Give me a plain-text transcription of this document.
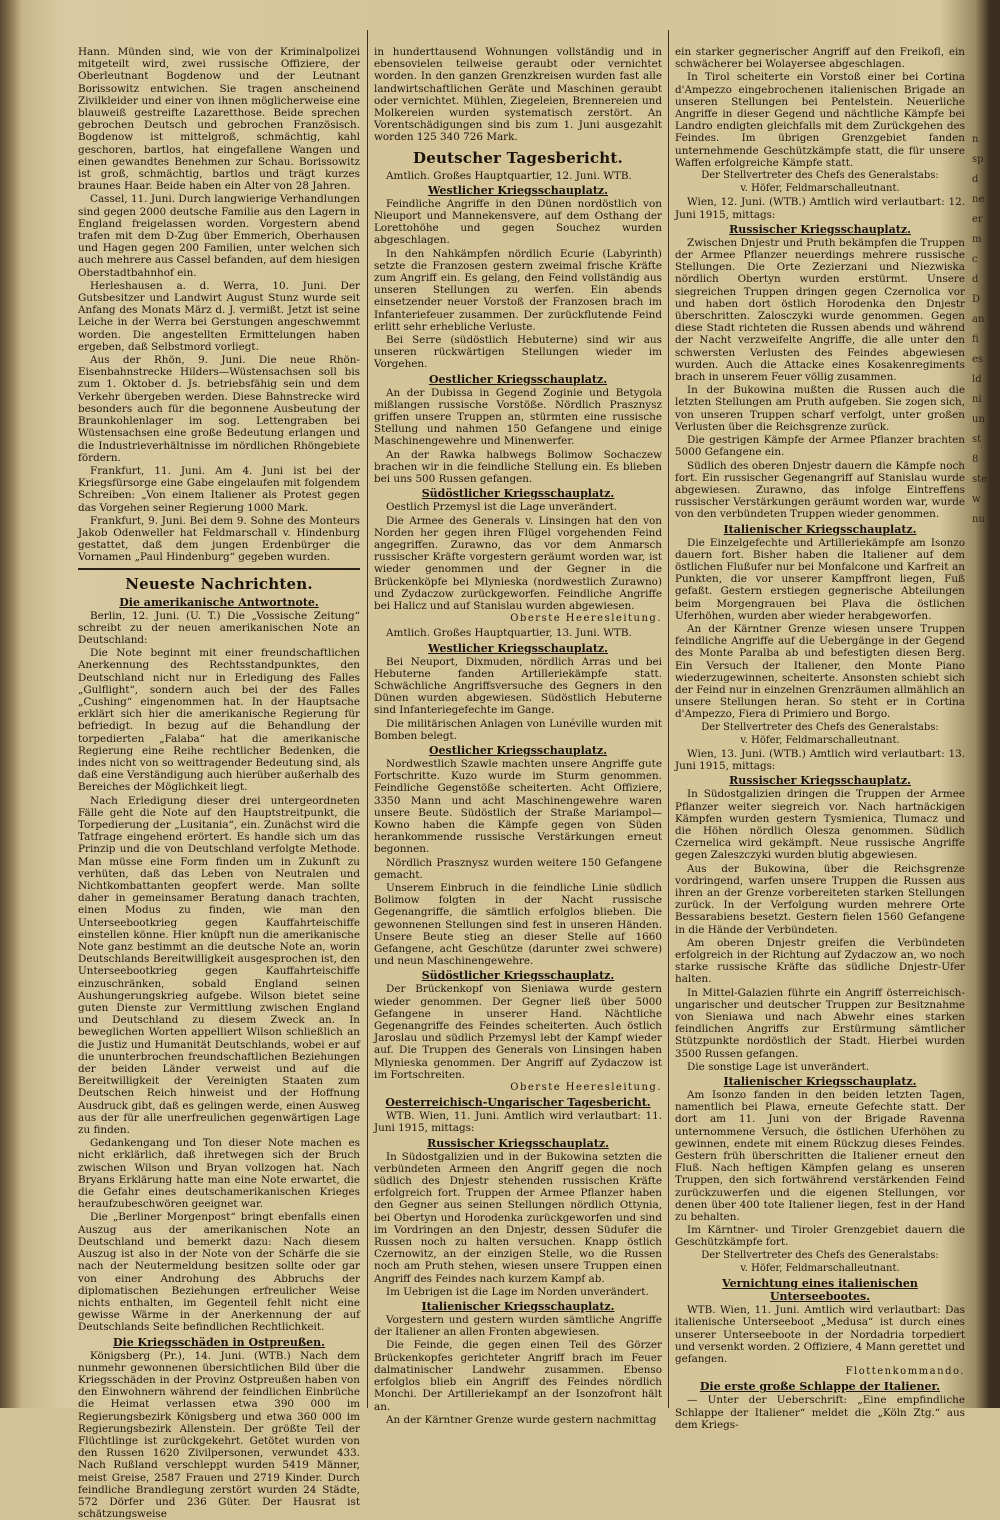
Hann. Münden sind, wie von der Kriminalpolizei mitgeteilt wird, zwei russische Offiziere, der Oberleutnant Bogdenow und der Leutnant Borissowitz entwichen. Sie tragen anscheinend Zivilkleider und einer von ihnen möglicherweise eine blauweiß gestreifte Lazaretthose. Beide sprechen gebrochen Deutsch und gebrochen Französisch. Bogdenow ist mittelgroß, schmächtig, kahl geschoren, bartlos, hat eingefallene Wangen und einen gewandtes Benehmen zur Schau. Borissowitz ist groß, schmächtig, bartlos und trägt kurzes braunes Haar. Beide haben ein Alter von 28 Jahren.

Cassel, 11. Juni. Durch langwierige Verhandlungen sind gegen 2000 deutsche Familie aus den Lagern in England freigelassen worden. Vorgestern abend trafen mit dem D-Zug über Emmerich, Oberhausen und Hagen gegen 200 Familien, unter welchen sich auch mehrere aus Cassel befanden, auf dem hiesigen Oberstadtbahnhof ein.

Herleshausen a. d. Werra, 10. Juni. Der Gutsbesitzer und Landwirt August Stunz wurde seit Anfang des Monats März d. J. vermißt. Jetzt ist seine Leiche in der Werra bei Gerstungen angeschwemmt worden. Die angestellten Ermittelungen haben ergeben, daß Selbstmord vorliegt.

Aus der Rhön, 9. Juni. Die neue Rhön-Eisenbahnstrecke Hilders—Wüstensachsen soll bis zum 1. Oktober d. Js. betriebsfähig sein und dem Verkehr übergeben werden. Diese Bahnstrecke wird besonders auch für die begonnene Ausbeutung der Braunkohlenlager im sog. Lettengraben bei Wüstensachsen eine große Bedeutung erlangen und die Industrieverhältnisse im nördlichen Rhöngebiete fördern.

Frankfurt, 11. Juni. Am 4. Juni ist bei der Kriegsfürsorge eine Gabe eingelaufen mit folgendem Schreiben: „Von einem Italiener als Protest gegen das Vorgehen seiner Regierung 1000 Mark.

Frankfurt, 9. Juni. Bei dem 9. Sohne des Monteurs Jakob Odenweller hat Feldmarschall v. Hindenburg gestattet, daß dem jungen Erdenbürger die Vornamen „Paul Hindenburg“ gegeben wurden.

Neueste Nachrichten.
Die amerikanische Antwortnote.

Berlin, 12. Juni. (U. T.) Die „Vossische Zeitung“ schreibt zu der neuen amerikanischen Note an Deutschland:

Die Note beginnt mit einer freundschaftlichen Anerkennung des Rechtsstandpunktes, den Deutschland nicht nur in Erledigung des Falles „Gulflight“, sondern auch bei der des Falles „Cushing“ eingenommen hat. In der Hauptsache erklärt sich hier die amerikanische Regierung für befriedigt. In bezug auf die Behandlung der torpedierten „Falaba“ hat die amerikanische Regierung eine Reihe rechtlicher Bedenken, die indes nicht von so weittragender Bedeutung sind, als daß eine Verständigung auch hierüber außerhalb des Bereiches der Möglichkeit liegt.

Nach Erledigung dieser drei untergeordneten Fälle geht die Note auf den Hauptstreitpunkt, die Torpedierung der „Lusitania“, ein. Zunächst wird die Tatfrage eingehend erörtert. Es handle sich um das Prinzip und die von Deutschland verfolgte Methode. Man müsse eine Form finden um in Zukunft zu verhüten, daß das Leben von Neutralen und Nichtkombattanten geopfert werde. Man sollte daher in gemeinsamer Beratung danach trachten, einen Modus zu finden, wie man den Unterseebootkrieg gegen Kauffahrteischiffe einstellen könne. Hier knüpft nun die amerikanische Note ganz bestimmt an die deutsche Note an, worin Deutschlands Bereitwilligkeit ausgesprochen ist, den Unterseebootkrieg gegen Kauffahrteischiffe einzuschränken, sobald England seinen Aushungerungskrieg aufgebe. Wilson bietet seine guten Dienste zur Vermittlung zwischen England und Deutschland zu diesem Zweck an. In beweglichen Worten appelliert Wilson schließlich an die Justiz und Humanität Deutschlands, wobei er auf die ununterbrochen freundschaftlichen Beziehungen der beiden Länder verweist und auf die Bereitwilligkeit der Vereinigten Staaten zum Deutschen Reich hinweist und der Hoffnung Ausdruck gibt, daß es gelingen werde, einen Ausweg aus der für alle unerfreulichen gegenwärtigen Lage zu finden.

Gedankengang und Ton dieser Note machen es nicht erklärlich, daß ihretwegen sich der Bruch zwischen Wilson und Bryan vollzogen hat. Nach Bryans Erklärung hatte man eine Note erwartet, die die Gefahr eines deutschamerikanischen Krieges heraufzubeschwören geeignet war.

Die „Berliner Morgenpost“ bringt ebenfalls einen Auszug aus der amerikanischen Note an Deutschland und bemerkt dazu: Nach diesem Auszug ist also in der Note von der Schärfe die sie nach der Neutermeldung besitzen sollte oder gar von einer Androhung des Abbruchs der diplomatischen Beziehungen erfreulicher Weise nichts enthalten, im Gegenteil fehlt nicht eine gewisse Wärme in der Anerkennung der auf Deutschlands Seite befindlichen Rechtlichkeit.

Die Kriegsschäden in Ostpreußen.

Königsberg (Pr.), 14. Juni. (WTB.) Nach dem nunmehr gewonnenen übersichtlichen Bild über die Kriegsschäden in der Provinz Ostpreußen haben von den Einwohnern während der feindlichen Einbrüche die Heimat verlassen etwa 390 000 im Regierungsbezirk Königsberg und etwa 360 000 im Regierungsbezirk Allenstein. Der größte Teil der Flüchtlinge ist zurückgekehrt. Getötet wurden von den Russen 1620 Zivilpersonen, verwundet 433. Nach Rußland verschleppt wurden 5419 Männer, meist Greise, 2587 Frauen und 2719 Kinder. Durch feindliche Brandlegung zerstört wurden 24 Städte, 572 Dörfer und 236 Güter. Der Hausrat ist schätzungsweise

in hunderttausend Wohnungen vollständig und in ebensovielen teilweise geraubt oder vernichtet worden. In den ganzen Grenzkreisen wurden fast alle landwirtschaftlichen Geräte und Maschinen geraubt oder vernichtet. Mühlen, Ziegeleien, Brennereien und Molkereien wurden systematisch zerstört. An Vorentschädigungen sind bis zum 1. Juni ausgezahlt worden 125 340 726 Mark.

Deutscher Tagesbericht.

Amtlich. Großes Hauptquartier, 12. Juni. WTB.

Westlicher Kriegsschauplatz.

Feindliche Angriffe in den Dünen nordöstlich von Nieuport und Mannekensvere, auf dem Osthang der Lorettohöhe und gegen Souchez wurden abgeschlagen.

In den Nahkämpfen nördlich Ecurie (Labyrinth) setzte die Franzosen gestern zweimal frische Kräfte zum Angriff ein. Es gelang, den Feind vollständig aus unseren Stellungen zu werfen. Ein abends einsetzender neuer Vorstoß der Franzosen brach im Infanteriefeuer zusammen. Der zurückflutende Feind erlitt sehr erhebliche Verluste.

Bei Serre (südöstlich Hebuterne) sind wir aus unseren rückwärtigen Stellungen wieder im Vorgehen.

Oestlicher Kriegsschauplatz.

An der Dubissa in Gegend Zoginie und Betygola mißlangen russische Vorstöße. Nördlich Prasznysz griffen unsere Truppen an, stürmten eine russische Stellung und nahmen 150 Gefangene und einige Maschinengewehre und Minenwerfer.

An der Rawka halbwegs Bolimow Sochaczew brachen wir in die feindliche Stellung ein. Es blieben bei uns 500 Russen gefangen.

Südöstlicher Kriegsschauplatz.

Oestlich Przemysl ist die Lage unverändert.

Die Armee des Generals v. Linsingen hat den von Norden her gegen ihren Flügel vorgehenden Feind angegriffen. Zurawno, das vor dem Anmarsch russischer Kräfte vorgestern geräumt worden war, ist wieder genommen und der Gegner in die Brückenköpfe bei Mlynieska (nordwestlich Zurawno) und Zydaczow zurückgeworfen. Feindliche Angriffe bei Halicz und auf Stanislau wurden abgewiesen.

Oberste Heeresleitung.

Amtlich. Großes Hauptquartier, 13. Juni. WTB.

Westlicher Kriegsschauplatz.

Bei Neuport, Dixmuden, nördlich Arras und bei Hebuterne fanden Artilleriekämpfe statt. Schwächliche Angriffsversuche des Gegners in den Dünen wurden abgewiesen. Südöstlich Hebuterne sind Infanteriegefechte im Gange.

Die militärischen Anlagen von Lunéville wurden mit Bomben belegt.

Oestlicher Kriegsschauplatz.

Nordwestlich Szawle machten unsere Angriffe gute Fortschritte. Kuzo wurde im Sturm genommen. Feindliche Gegenstöße scheiterten. Acht Offiziere, 3350 Mann und acht Maschinengewehre waren unsere Beute. Südöstlich der Straße Mariampol—Kowno haben die Kämpfe gegen von Süden herankommende russische Verstärkungen erneut begonnen.

Nördlich Prasznysz wurden weitere 150 Gefangene gemacht.

Unserem Einbruch in die feindliche Linie südlich Bolimow folgten in der Nacht russische Gegenangriffe, die sämtlich erfolglos blieben. Die gewonnenen Stellungen sind fest in unseren Händen. Unsere Beute stieg an dieser Stelle auf 1660 Gefangene, acht Geschütze (darunter zwei schwere) und neun Maschinengewehre.

Südöstlicher Kriegsschauplatz.

Der Brückenkopf von Sieniawa wurde gestern wieder genommen. Der Gegner ließ über 5000 Gefangene in unserer Hand. Nächtliche Gegenangriffe des Feindes scheiterten. Auch östlich Jaroslau und südlich Przemysl lebt der Kampf wieder auf. Die Truppen des Generals von Linsingen haben Mlynieska genommen. Der Angriff auf Zydaczow ist im Fortschreiten.

Oberste Heeresleitung.
Oesterreichisch-Ungarischer Tagesbericht.

WTB. Wien, 11. Juni. Amtlich wird verlautbart: 11. Juni 1915, mittags:

Russischer Kriegsschauplatz.

In Südostgalizien und in der Bukowina setzten die verbündeten Armeen den Angriff gegen die noch südlich des Dnjestr stehenden russischen Kräfte erfolgreich fort. Truppen der Armee Pflanzer haben den Gegner aus seinen Stellungen nördlich Ottynia, bei Obertyn und Horodenka zurückgeworfen und sind im Vordringen an den Dnjestr, dessen Südufer die Russen noch zu halten versuchen. Knapp östlich Czernowitz, an der einzigen Stelle, wo die Russen noch am Pruth stehen, wiesen unsere Truppen einen Angriff des Feindes nach kurzem Kampf ab.

Im Uebrigen ist die Lage im Norden unverändert.

Italienischer Kriegsschauplatz.

Vorgestern und gestern wurden sämtliche Angriffe der Italiener an allen Fronten abgewiesen.

Die Feinde, die gegen einen Teil des Görzer Brückenkopfes gerichteter Angriff brach im Feuer dalmatinischer Landwehr zusammen. Ebenso erfolglos blieb ein Angriff des Feindes nördlich Monchi. Der Artilleriekampf an der Isonzofront hält an.

An der Kärntner Grenze wurde gestern nachmittag

ein starker gegnerischer Angriff auf den Freikofl, ein schwächerer bei Wolayersee abgeschlagen.

In Tirol scheiterte ein Vorstoß einer bei Cortina d'Ampezzo eingebrochenen italienischen Brigade an unseren Stellungen bei Pentelstein. Neuerliche Angriffe in dieser Gegend und nächtliche Kämpfe bei Landro endigten gleichfalls mit dem Zurückgehen des Feindes. Im übrigen Grenzgebiet fanden unternehmende Geschützkämpfe statt, die für unsere Waffen erfolgreiche Kämpfe statt.

Der Stellvertreter des Chefs des Generalstabs:
v. Höfer, Feldmarschalleutnant.

Wien, 12. Juni. (WTB.) Amtlich wird verlautbart: 12. Juni 1915, mittags:

Russischer Kriegsschauplatz.

Zwischen Dnjestr und Pruth bekämpfen die Truppen der Armee Pflanzer neuerdings mehrere russische Stellungen. Die Orte Zezierzani und Niezwiska nördlich Obertyn wurden erstürmt. Unsere siegreichen Truppen dringen gegen Czernolica vor und haben dort östlich Horodenka den Dnjestr überschritten. Zalosczyki wurde genommen. Gegen diese Stadt richteten die Russen abends und während der Nacht verzweifelte Angriffe, die alle unter den schwersten Verlusten des Feindes abgewiesen wurden. Auch die Attacke eines Kosakenregiments brach in unserem Feuer völlig zusammen.

In der Bukowina mußten die Russen auch die letzten Stellungen am Pruth aufgeben. Sie zogen sich, von unseren Truppen scharf verfolgt, unter großen Verlusten über die Reichsgrenze zurück.

Die gestrigen Kämpfe der Armee Pflanzer brachten 5000 Gefangene ein.

Südlich des oberen Dnjestr dauern die Kämpfe noch fort. Ein russischer Gegenangriff auf Stanislau wurde abgewiesen. Zurawno, das infolge Eintreffens russischer Verstärkungen geräumt worden war, wurde von den verbündeten Truppen wieder genommen.

Italienischer Kriegsschauplatz.

Die Einzelgefechte und Artilleriekämpfe am Isonzo dauern fort. Bisher haben die Italiener auf dem östlichen Flußufer nur bei Monfalcone und Karfreit an Punkten, die vor unserer Kampffront liegen, Fuß gefaßt. Gestern erstiegen gegnerische Abteilungen beim Morgengrauen bei Plava die östlichen Uferhöhen, wurden aber wieder herabgeworfen.

An der Kärntner Grenze wiesen unsere Truppen feindliche Angriffe auf die Uebergänge in der Gegend des Monte Paralba ab und befestigten diesen Berg. Ein Versuch der Italiener, den Monte Piano wiederzugewinnen, scheiterte. Ansonsten schiebt sich der Feind nur in einzelnen Grenzräumen allmählich an unsere Stellungen heran. So steht er in Cortina d'Ampezzo, Fiera di Primiero und Borgo.

Der Stellvertreter des Chefs des Generalstabs:
v. Höfer, Feldmarschalleutnant.

Wien, 13. Juni. (WTB.) Amtlich wird verlautbart: 13. Juni 1915, mittags:

Russischer Kriegsschauplatz.

In Südostgalizien dringen die Truppen der Armee Pflanzer weiter siegreich vor. Nach hartnäckigen Kämpfen wurden gestern Tysmienica, Tlumacz und die Höhen nördlich Olesza genommen. Südlich Czernelica wird gekämpft. Neue russische Angriffe gegen Zaleszczyki wurden blutig abgewiesen.

Aus der Bukowina, über die Reichsgrenze vordringend, warfen unsere Truppen die Russen aus ihren an der Grenze vorbereiteten starken Stellungen zurück. In der Verfolgung wurden mehrere Orte Bessarabiens besetzt. Gestern fielen 1560 Gefangene in die Hände der Verbündeten.

Am oberen Dnjestr greifen die Verbündeten erfolgreich in der Richtung auf Zydaczow an, wo noch starke russische Kräfte das südliche Dnjestr-Ufer halten.

In Mittel-Galazien führte ein Angriff österreichisch-ungarischer und deutscher Truppen zur Besitznahme von Sieniawa und nach Abwehr eines starken feindlichen Angriffs zur Erstürmung sämtlicher Stützpunkte nordöstlich der Stadt. Hierbei wurden 3500 Russen gefangen.

Die sonstige Lage ist unverändert.

Italienischer Kriegsschauplatz.

Am Isonzo fanden in den beiden letzten Tagen, namentlich bei Plawa, erneute Gefechte statt. Der dort am 11. Juni von der Brigade Ravenna unternommene Versuch, die östlichen Uferhöhen zu gewinnen, endete mit einem Rückzug dieses Feindes. Gestern früh überschritten die Italiener erneut den Fluß. Nach heftigen Kämpfen gelang es unseren Truppen, den sich fortwährend verstärkenden Feind zurückzuwerfen und die eigenen Stellungen, vor denen über 400 tote Italiener liegen, fest in der Hand zu behalten.

Im Kärntner- und Tiroler Grenzgebiet dauern die Geschützkämpfe fort.

Der Stellvertreter des Chefs des Generalstabs:
v. Höfer, Feldmarschalleutnant.
Vernichtung eines italienischen Unterseebootes.

WTB. Wien, 11. Juni. Amtlich wird verlautbart: Das italienische Unterseeboot „Medusa“ ist durch eines unserer Unterseeboote in der Nordadria torpediert und versenkt worden. 2 Offiziere, 4 Mann gerettet und gefangen.

Flottenkommando.
Die erste große Schlappe der Italiener.

— Unter der Ueberschrift: „Eine empfindliche Schlappe der Italiener“ meldet die „Köln Ztg.“ aus dem Kriegs-

n
sp
d
ne
er
m
c
d
D
an
fi
es
ld
ni
un
st
8
ste
w
nu
